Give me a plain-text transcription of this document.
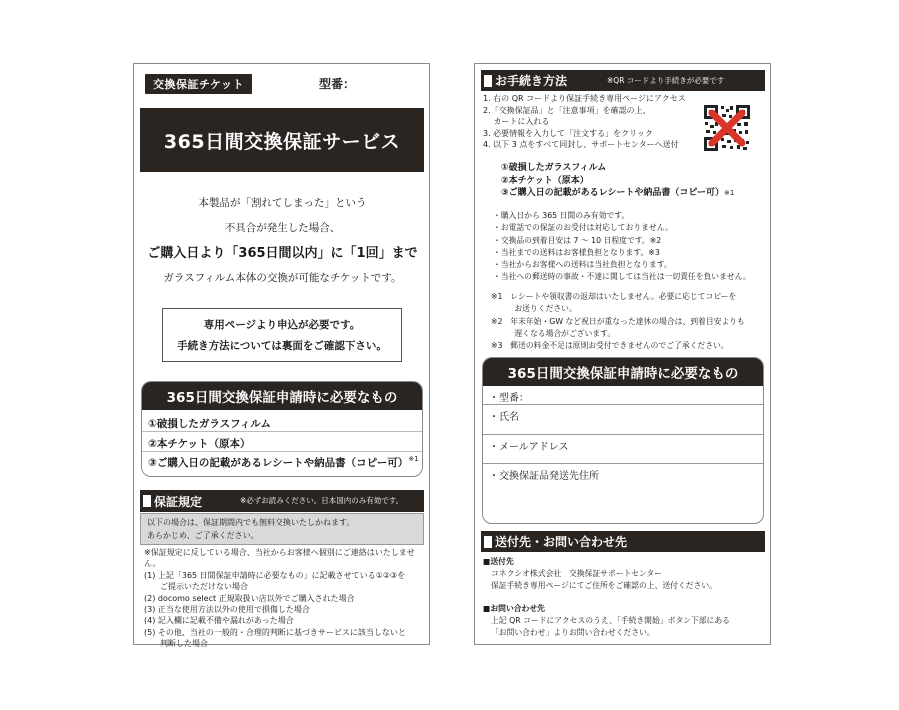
交換保証チケット	型番：
365日間交換保証サービス
本製品が「割れてしまった」という
不具合が発生した場合、
ご購入日より「365日間以内」に「1回」まで
ガラスフィルム本体の交換が可能なチケットです。
専用ページより申込が必要です。
手続き方法については裏面をご確認下さい。
365日間交換保証申請時に必要なもの
①破損したガラスフィルム
②本チケット（原本）
③ご購入日の記載があるレシートや納品書（コピー可）$^{※1}$
保証規定	※必ずお読みください。日本国内のみ有効です。
以下の場合は、保証期間内でも無料交換いたしかねます。
あらかじめ、ご了承ください。
※保証規定に反している場合、当社からお客様へ個別にご連絡はいたしません。
(1) 上記「365 日間保証申請時に必要なもの」に記載させている①②③を
　　ご提示いただけない場合
(2) docomo select 正規取扱い店以外でご購入された場合
(3) 正当な使用方法以外の使用で損傷した場合
(4) 記入欄に記載不備や漏れがあった場合
(5) その他、当社の一般的・合理的判断に基づきサービスに該当しないと
　　判断した場合
お手続き方法	※QR コードより手続きが必要です
1. 右の QR コードより保証手続き専用ページにアクセス
2.「交換保証品」と「注意事項」を確認の上、
　 カートに入れる
3. 必要情報を入力して「注文する」をクリック
4. 以下 3 点をすべて同封し、サポートセンターへ送付
①破損したガラスフィルム
②本チケット（原本）
③ご購入日の記載があるレシートや納品書（コピー可）$^{※1}$
・購入日から 365 日間のみ有効です。
・お電話での保証のお受付は対応しておりません。
・交換品の到着目安は 7 ～ 10 日程度です。※2
・当社までの送料はお客様負担となります。※3
・当社からお客様への送料は当社負担となります。
・当社への郵送時の事故・不達に関しては当社は一切責任を負いません。
※1　レシートや領収書の返却はいたしません。必要に応じてコピーを
　　　お送りください。
※2　年末年始・GW など祝日が重なった達休の場合は、到着目安よりも
　　　遅くなる場合がございます。
※3　郵送の料金不足は原則お受付できませんのでご了承ください。
365日間交換保証申請時に必要なもの
・型番：
・氏名
・メールアドレス
・交換保証品発送先住所
送付先・お問い合わせ先
■送付先
コネクシオ株式会社　交換保証サポートセンター
保証手続き専用ページにてご住所をご確認の上、送付ください。
■お問い合わせ先
上記 QR コードにアクセスのうえ、「手続き開始」ボタン下部にある
「お問い合わせ」よりお問い合わせください。
